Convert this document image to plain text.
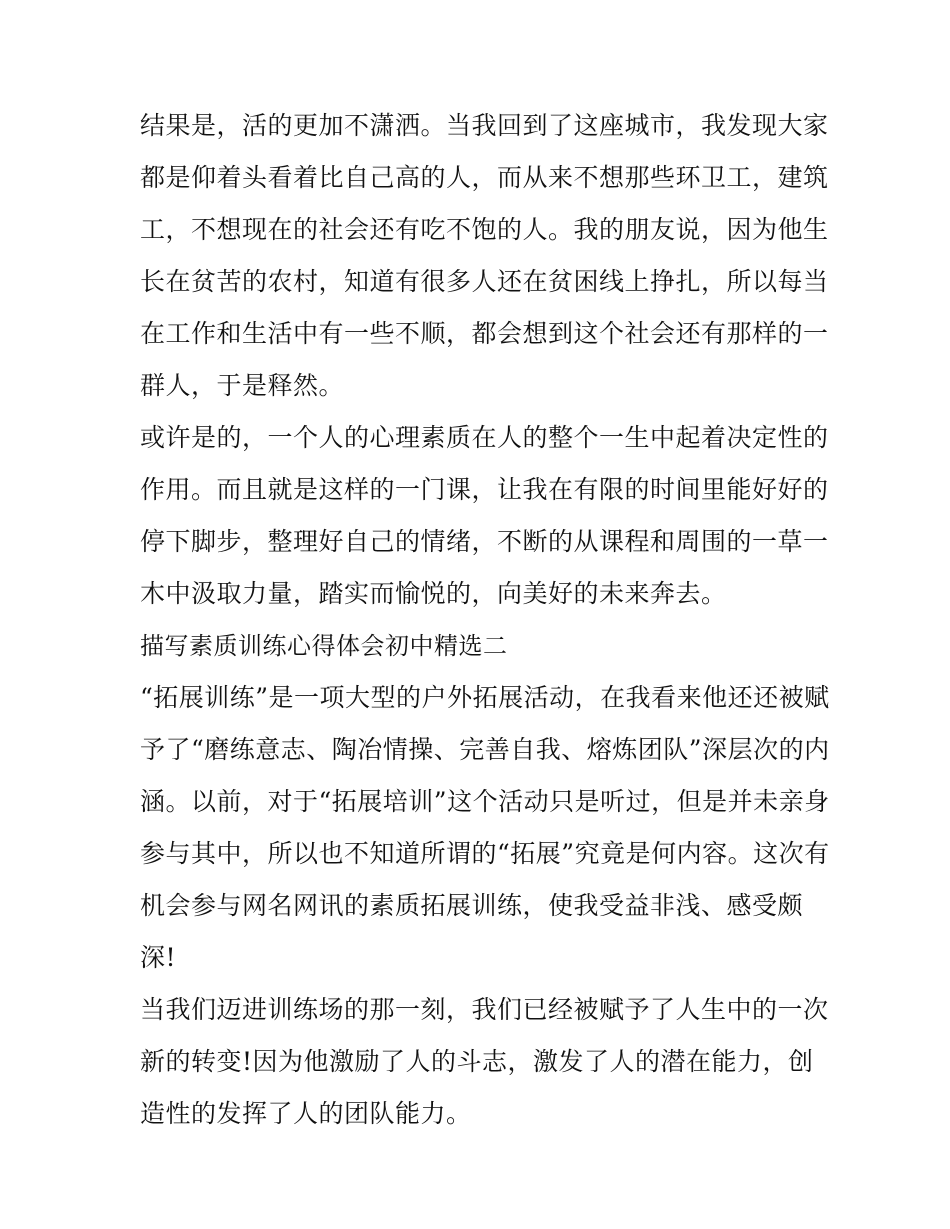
结果是，活的更加不潇洒。当我回到了这座城市，我发现大家
都是仰着头看着比自己高的人，而从来不想那些环卫工，建筑
工，不想现在的社会还有吃不饱的人。我的朋友说，因为他生
长在贫苦的农村，知道有很多人还在贫困线上挣扎，所以每当
在工作和生活中有一些不顺，都会想到这个社会还有那样的一
群人，于是释然。
或许是的，一个人的心理素质在人的整个一生中起着决定性的
作用。而且就是这样的一门课，让我在有限的时间里能好好的
停下脚步，整理好自己的情绪，不断的从课程和周围的一草一
木中汲取力量，踏实而愉悦的，向美好的未来奔去。
描写素质训练心得体会初中精选二
“拓展训练”是一项大型的户外拓展活动，在我看来他还还被赋
予了“磨练意志、陶冶情操、完善自我、熔炼团队”深层次的内
涵。以前，对于“拓展培训”这个活动只是听过，但是并未亲身
参与其中，所以也不知道所谓的“拓展”究竟是何内容。这次有
机会参与网名网讯的素质拓展训练，使我受益非浅、感受颇
深!
当我们迈进训练场的那一刻，我们已经被赋予了人生中的一次
新的转变!因为他激励了人的斗志，激发了人的潜在能力，创
造性的发挥了人的团队能力。
